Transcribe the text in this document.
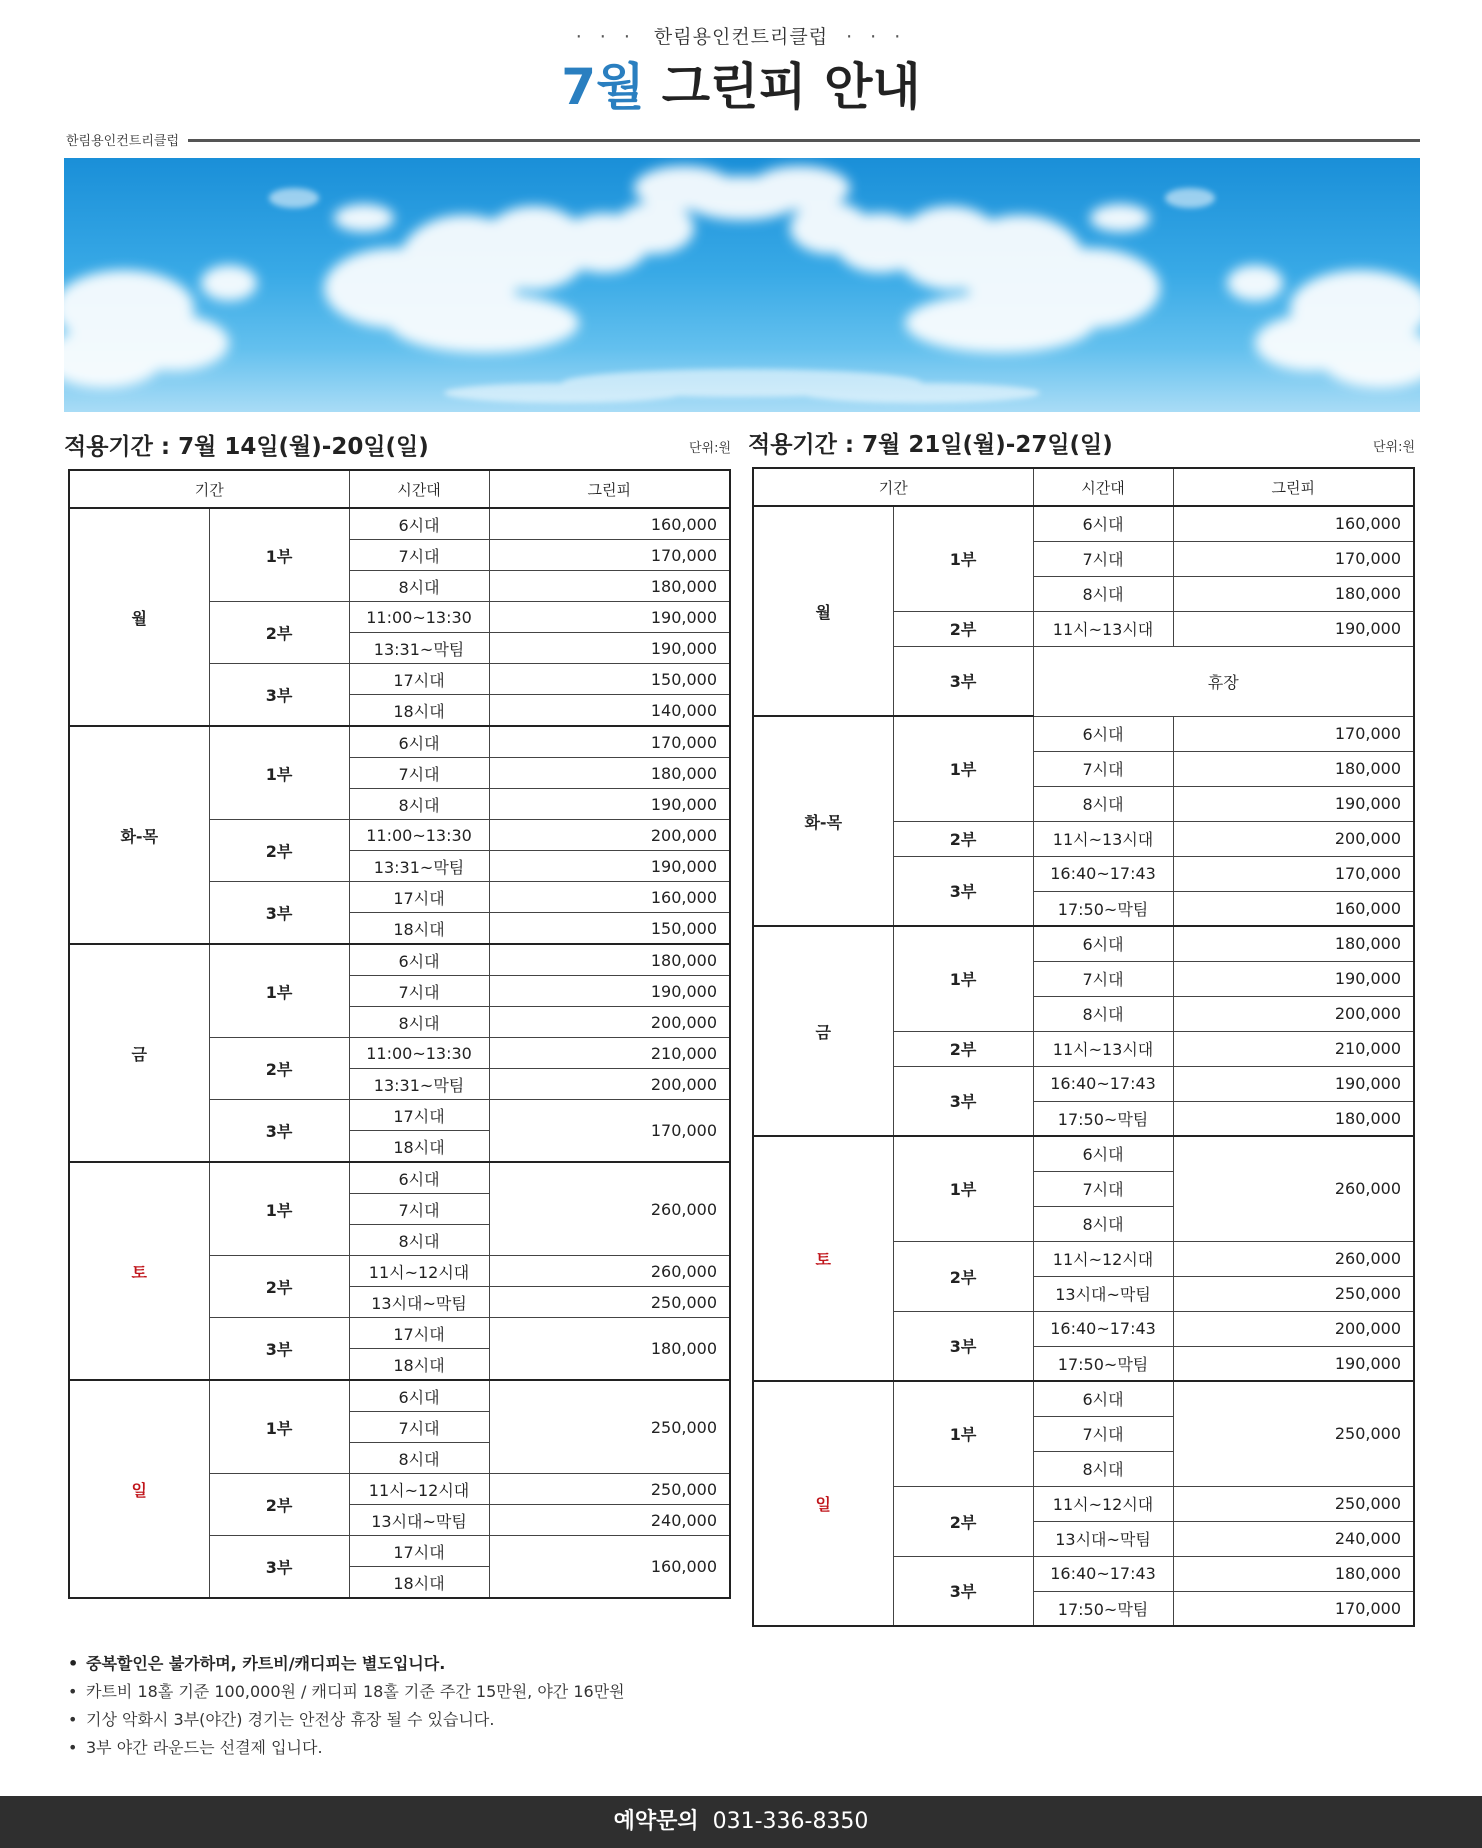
· · · 한림용인컨트리클럽 · · ·
7월 그린피 안내
한림용인컨트리클럽
적용기간 : 7월 14일(월)-20일(일)	단위:원 적용기간 : 7월 21일(월)-27일(일)	단위:원
기간		시간대	그린피
월	1부	6시대	160,000
		7시대	170,000
		8시대	180,000
	2부	11:00~13:30	190,000
		13:31~막팀	190,000
	3부	17시대	150,000
		18시대	140,000
화-목	1부	6시대	170,000
		7시대	180,000
		8시대	190,000
	2부	11:00~13:30	200,000
		13:31~막팀	190,000
	3부	17시대	160,000
		18시대	150,000
금	1부	6시대	180,000
		7시대	190,000
		8시대	200,000
	2부	11:00~13:30	210,000
		13:31~막팀	200,000
	3부	17시대	170,000
		18시대	
토	1부	6시대	260,000
		7시대	
		8시대	
	2부	11시~12시대	260,000
		13시대~막팀	250,000
	3부	17시대	180,000
		18시대	
일	1부	6시대	250,000
		7시대	
		8시대	
	2부	11시~12시대	250,000
		13시대~막팀	240,000
	3부	17시대	160,000
		18시대	
기간		시간대	그린피
월	1부	6시대	160,000
		7시대	170,000
		8시대	180,000
	2부	11시~13시대	190,000
	3부	휴장	

화-목	1부	6시대	170,000
		7시대	180,000
		8시대	190,000
	2부	11시~13시대	200,000
	3부	16:40~17:43	170,000
		17:50~막팀	160,000
금	1부	6시대	180,000
		7시대	190,000
		8시대	200,000
	2부	11시~13시대	210,000
	3부	16:40~17:43	190,000
		17:50~막팀	180,000
토	1부	6시대	260,000
		7시대	
		8시대	
	2부	11시~12시대	260,000
		13시대~막팀	250,000
	3부	16:40~17:43	200,000
		17:50~막팀	190,000
일	1부	6시대	250,000
		7시대	
		8시대	
	2부	11시~12시대	250,000
		13시대~막팀	240,000
	3부	16:40~17:43	180,000
		17:50~막팀	170,000
• 중복할인은 불가하며, 카트비/캐디피는 별도입니다.
• 카트비 18홀 기준 100,000원 / 캐디피 18홀 기준 주간 15만원, 야간 16만원
• 기상 악화시 3부(야간) 경기는 안전상 휴장 될 수 있습니다.
• 3부 야간 라운드는 선결제 입니다.
예약문의 031-336-8350
